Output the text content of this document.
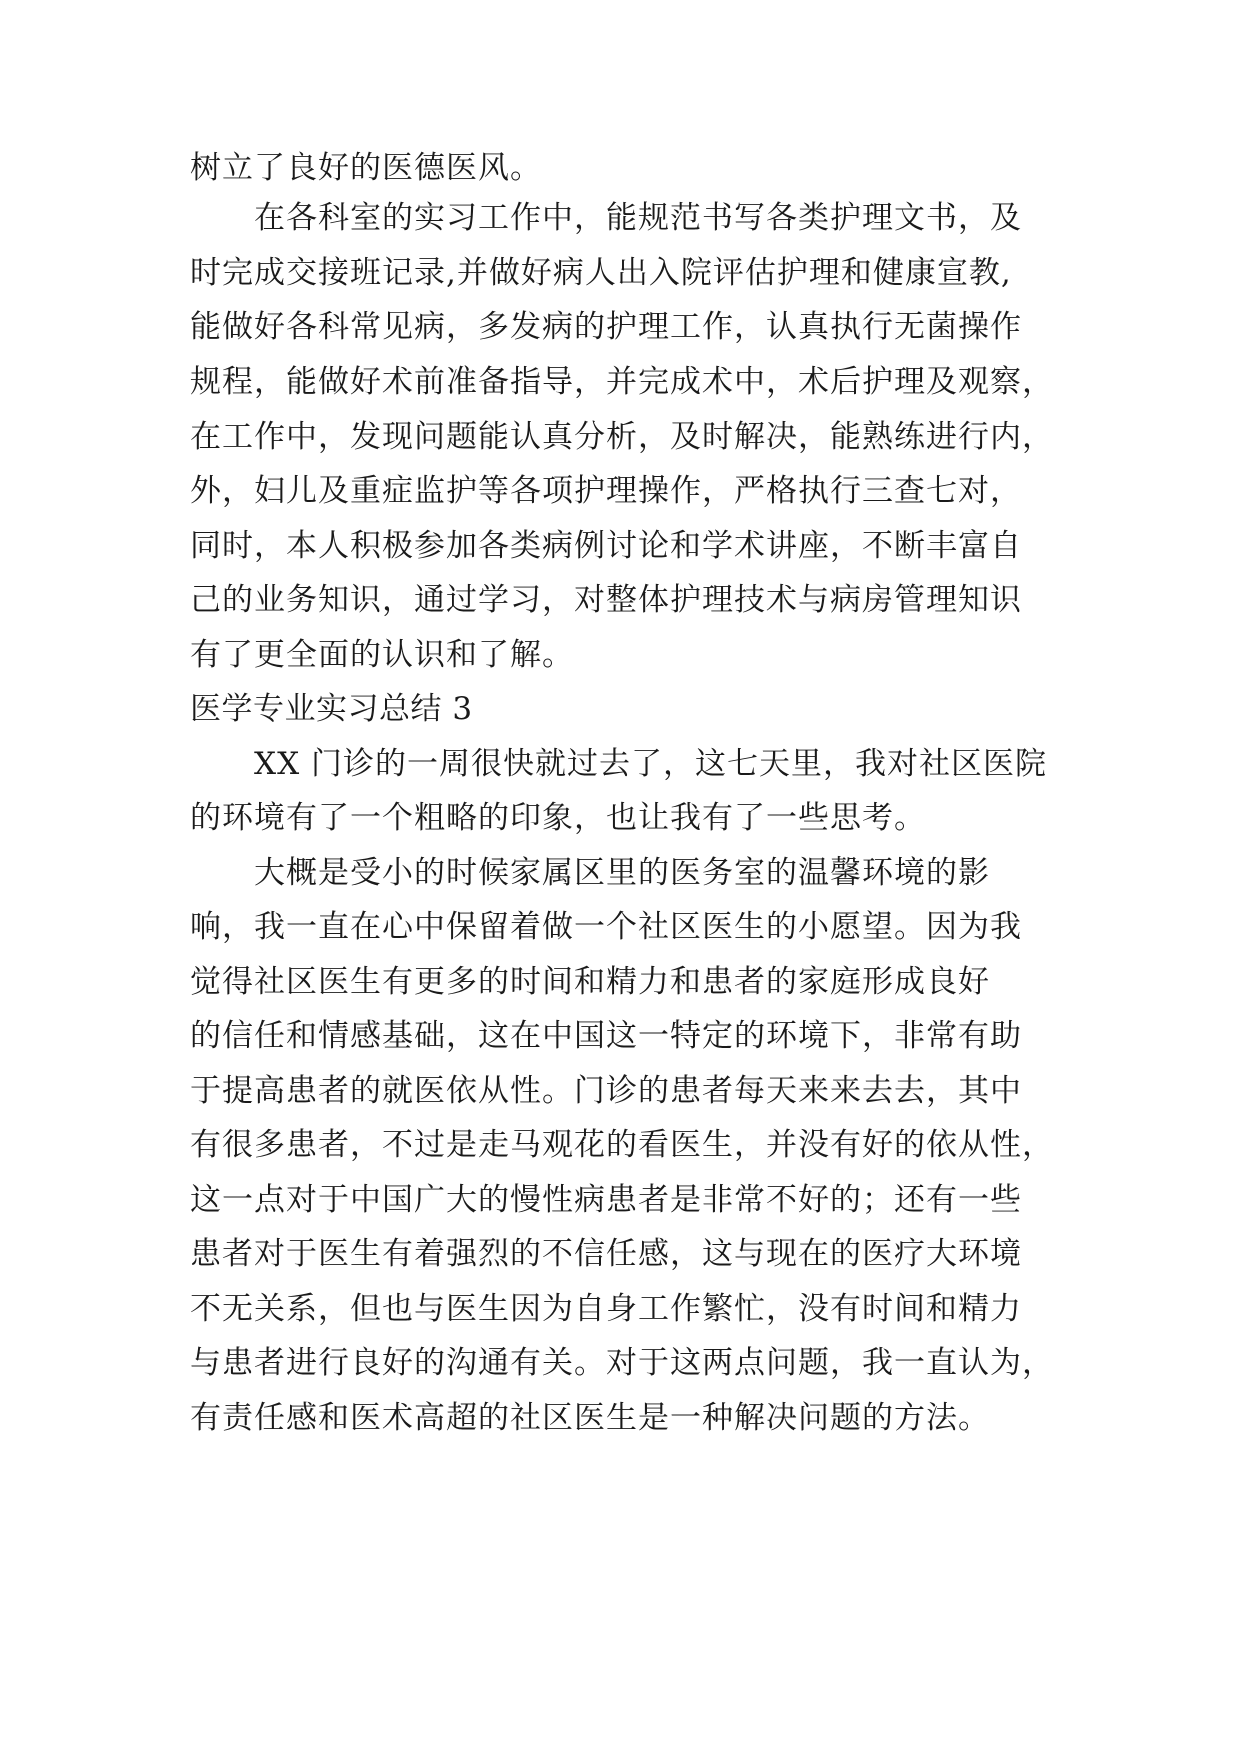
树立了良好的医德医风。
在各科室的实习工作中，能规范书写各类护理文书，及
时完成交接班记录,并做好病人出入院评估护理和健康宣教,
能做好各科常见病，多发病的护理工作，认真执行无菌操作
规程，能做好术前准备指导，并完成术中，术后护理及观察，
在工作中，发现问题能认真分析，及时解决，能熟练进行内，
外，妇儿及重症监护等各项护理操作，严格执行三查七对，
同时，本人积极参加各类病例讨论和学术讲座，不断丰富自
己的业务知识，通过学习，对整体护理技术与病房管理知识
有了更全面的认识和了解。
医学专业实习总结 3
XX 门诊的一周很快就过去了，这七天里，我对社区医院
的环境有了一个粗略的印象，也让我有了一些思考。
大概是受小的时候家属区里的医务室的温馨环境的影
响，我一直在心中保留着做一个社区医生的小愿望。因为我
觉得社区医生有更多的时间和精力和患者的家庭形成良好
的信任和情感基础，这在中国这一特定的环境下，非常有助
于提高患者的就医依从性。门诊的患者每天来来去去，其中
有很多患者，不过是走马观花的看医生，并没有好的依从性，
这一点对于中国广大的慢性病患者是非常不好的；还有一些
患者对于医生有着强烈的不信任感，这与现在的医疗大环境
不无关系，但也与医生因为自身工作繁忙，没有时间和精力
与患者进行良好的沟通有关。对于这两点问题，我一直认为，
有责任感和医术高超的社区医生是一种解决问题的方法。
